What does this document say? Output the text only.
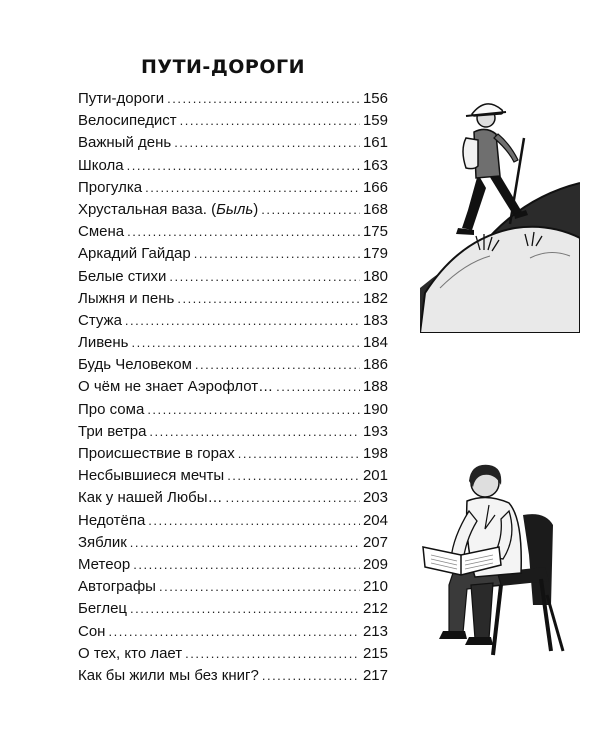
ПУТИ-ДОРОГИ
Пути-дороги .....	156
Велосипедист .....	159
Важный день .....	161
Школа .....	163
Прогулка .....	166
Хрустальная ваза. (Быль) .....	168
Смена .....	175
Аркадий Гайдар .....	179
Белые стихи .....	180
Лыжня и пень .....	182
Стужа .....	183
Ливень .....	184
Будь Человеком .....	186
О чём не знает Аэрофлот… .....	188
Про сома .....	190
Три ветра .....	193
Происшествие в горах .....	198
Несбывшиеся мечты .....	201
Как у нашей Любы… .....	203
Недотёпа .....	204
Зяблик .....	207
Метеор .....	209
Автографы .....	210
Беглец .....	212
Сон .....	213
О тех, кто лает .....	215
Как бы жили мы без книг? .....	217
